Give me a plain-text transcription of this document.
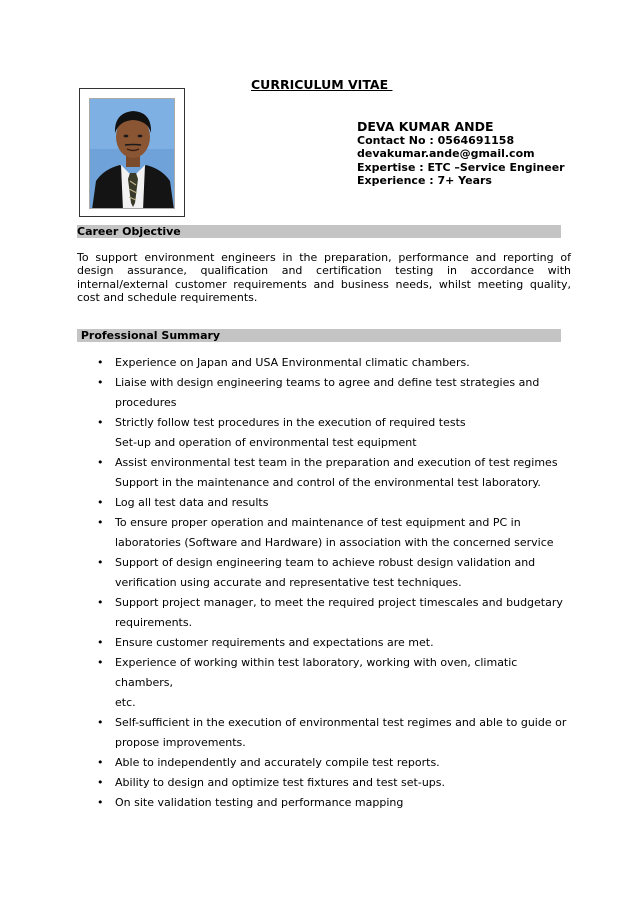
CURRICULUM VITAE
DEVA KUMAR ANDE
Contact No : 0564691158
devakumar.ande@gmail.com
Expertise : ETC –Service Engineer
Experience : 7+ Years
Career Objective

To support environment engineers in the preparation, performance and reporting of design assurance, qualification and certification testing in accordance with internal/external customer requirements and business needs, whilst meeting quality, cost and schedule requirements.

Professional Summary
• Experience on Japan and USA Environmental climatic chambers.
• Liaise with design engineering teams to agree and define test strategies and
procedures
• Strictly follow test procedures in the execution of required tests
Set-up and operation of environmental test equipment
• Assist environmental test team in the preparation and execution of test regimes
Support in the maintenance and control of the environmental test laboratory.
• Log all test data and results
• To ensure proper operation and maintenance of test equipment and PC in
laboratories (Software and Hardware) in association with the concerned service
• Support of design engineering team to achieve robust design validation and
verification using accurate and representative test techniques.
• Support project manager, to meet the required project timescales and budgetary
requirements.
• Ensure customer requirements and expectations are met.
• Experience of working within test laboratory, working with oven, climatic chambers,
etc.
• Self-sufficient in the execution of environmental test regimes and able to guide or
propose improvements.
• Able to independently and accurately compile test reports.
• Ability to design and optimize test fixtures and test set-ups.
• On site validation testing and performance mapping
